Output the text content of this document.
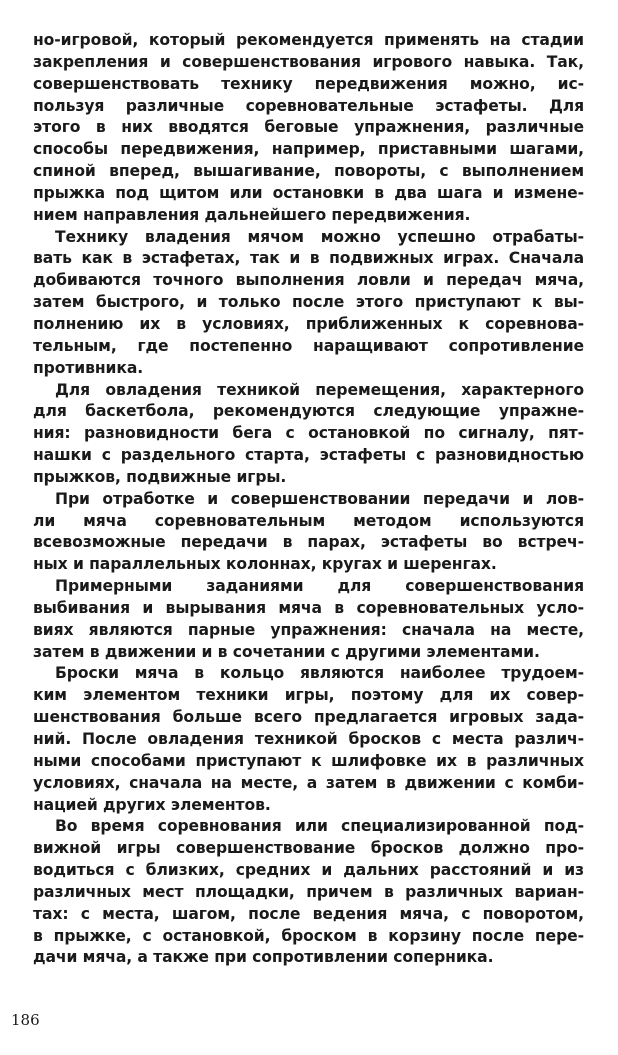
но-игровой, который рекомендуется применять на стадии
закрепления и совершенствования игрового навыка. Так,
совершенствовать технику передвижения можно, ис-
пользуя различные соревновательные эстафеты. Для
этого в них вводятся беговые упражнения, различные
способы передвижения, например, приставными шагами,
спиной вперед, вышагивание, повороты, с выполнением
прыжка под щитом или остановки в два шага и измене-
нием направления дальнейшего передвижения.
Технику владения мячом можно успешно отрабаты-
вать как в эстафетах, так и в подвижных играх. Сначала
добиваются точного выполнения ловли и передач мяча,
затем быстрого, и только после этого приступают к вы-
полнению их в условиях, приближенных к соревнова-
тельным, где постепенно наращивают сопротивление
противника.
Для овладения техникой перемещения, характерного
для баскетбола, рекомендуются следующие упражне-
ния: разновидности бега с остановкой по сигналу, пят-
нашки с раздельного старта, эстафеты с разновидностью
прыжков, подвижные игры.
При отработке и совершенствовании передачи и лов-
ли мяча соревновательным методом используются
всевозможные передачи в парах, эстафеты во встреч-
ных и параллельных колоннах, кругах и шеренгах.
Примерными заданиями для совершенствования
выбивания и вырывания мяча в соревновательных усло-
виях являются парные упражнения: сначала на месте,
затем в движении и в сочетании с другими элементами.
Броски мяча в кольцо являются наиболее трудоем-
ким элементом техники игры, поэтому для их совер-
шенствования больше всего предлагается игровых зада-
ний. После овладения техникой бросков с места различ-
ными способами приступают к шлифовке их в различных
условиях, сначала на месте, а затем в движении с комби-
нацией других элементов.
Во время соревнования или специализированной под-
вижной игры совершенствование бросков должно про-
водиться с близких, средних и дальних расстояний и из
различных мест площадки, причем в различных вариан-
тах: с места, шагом, после ведения мяча, с поворотом,
в прыжке, с остановкой, броском в корзину после пере-
дачи мяча, а также при сопротивлении соперника.
186
